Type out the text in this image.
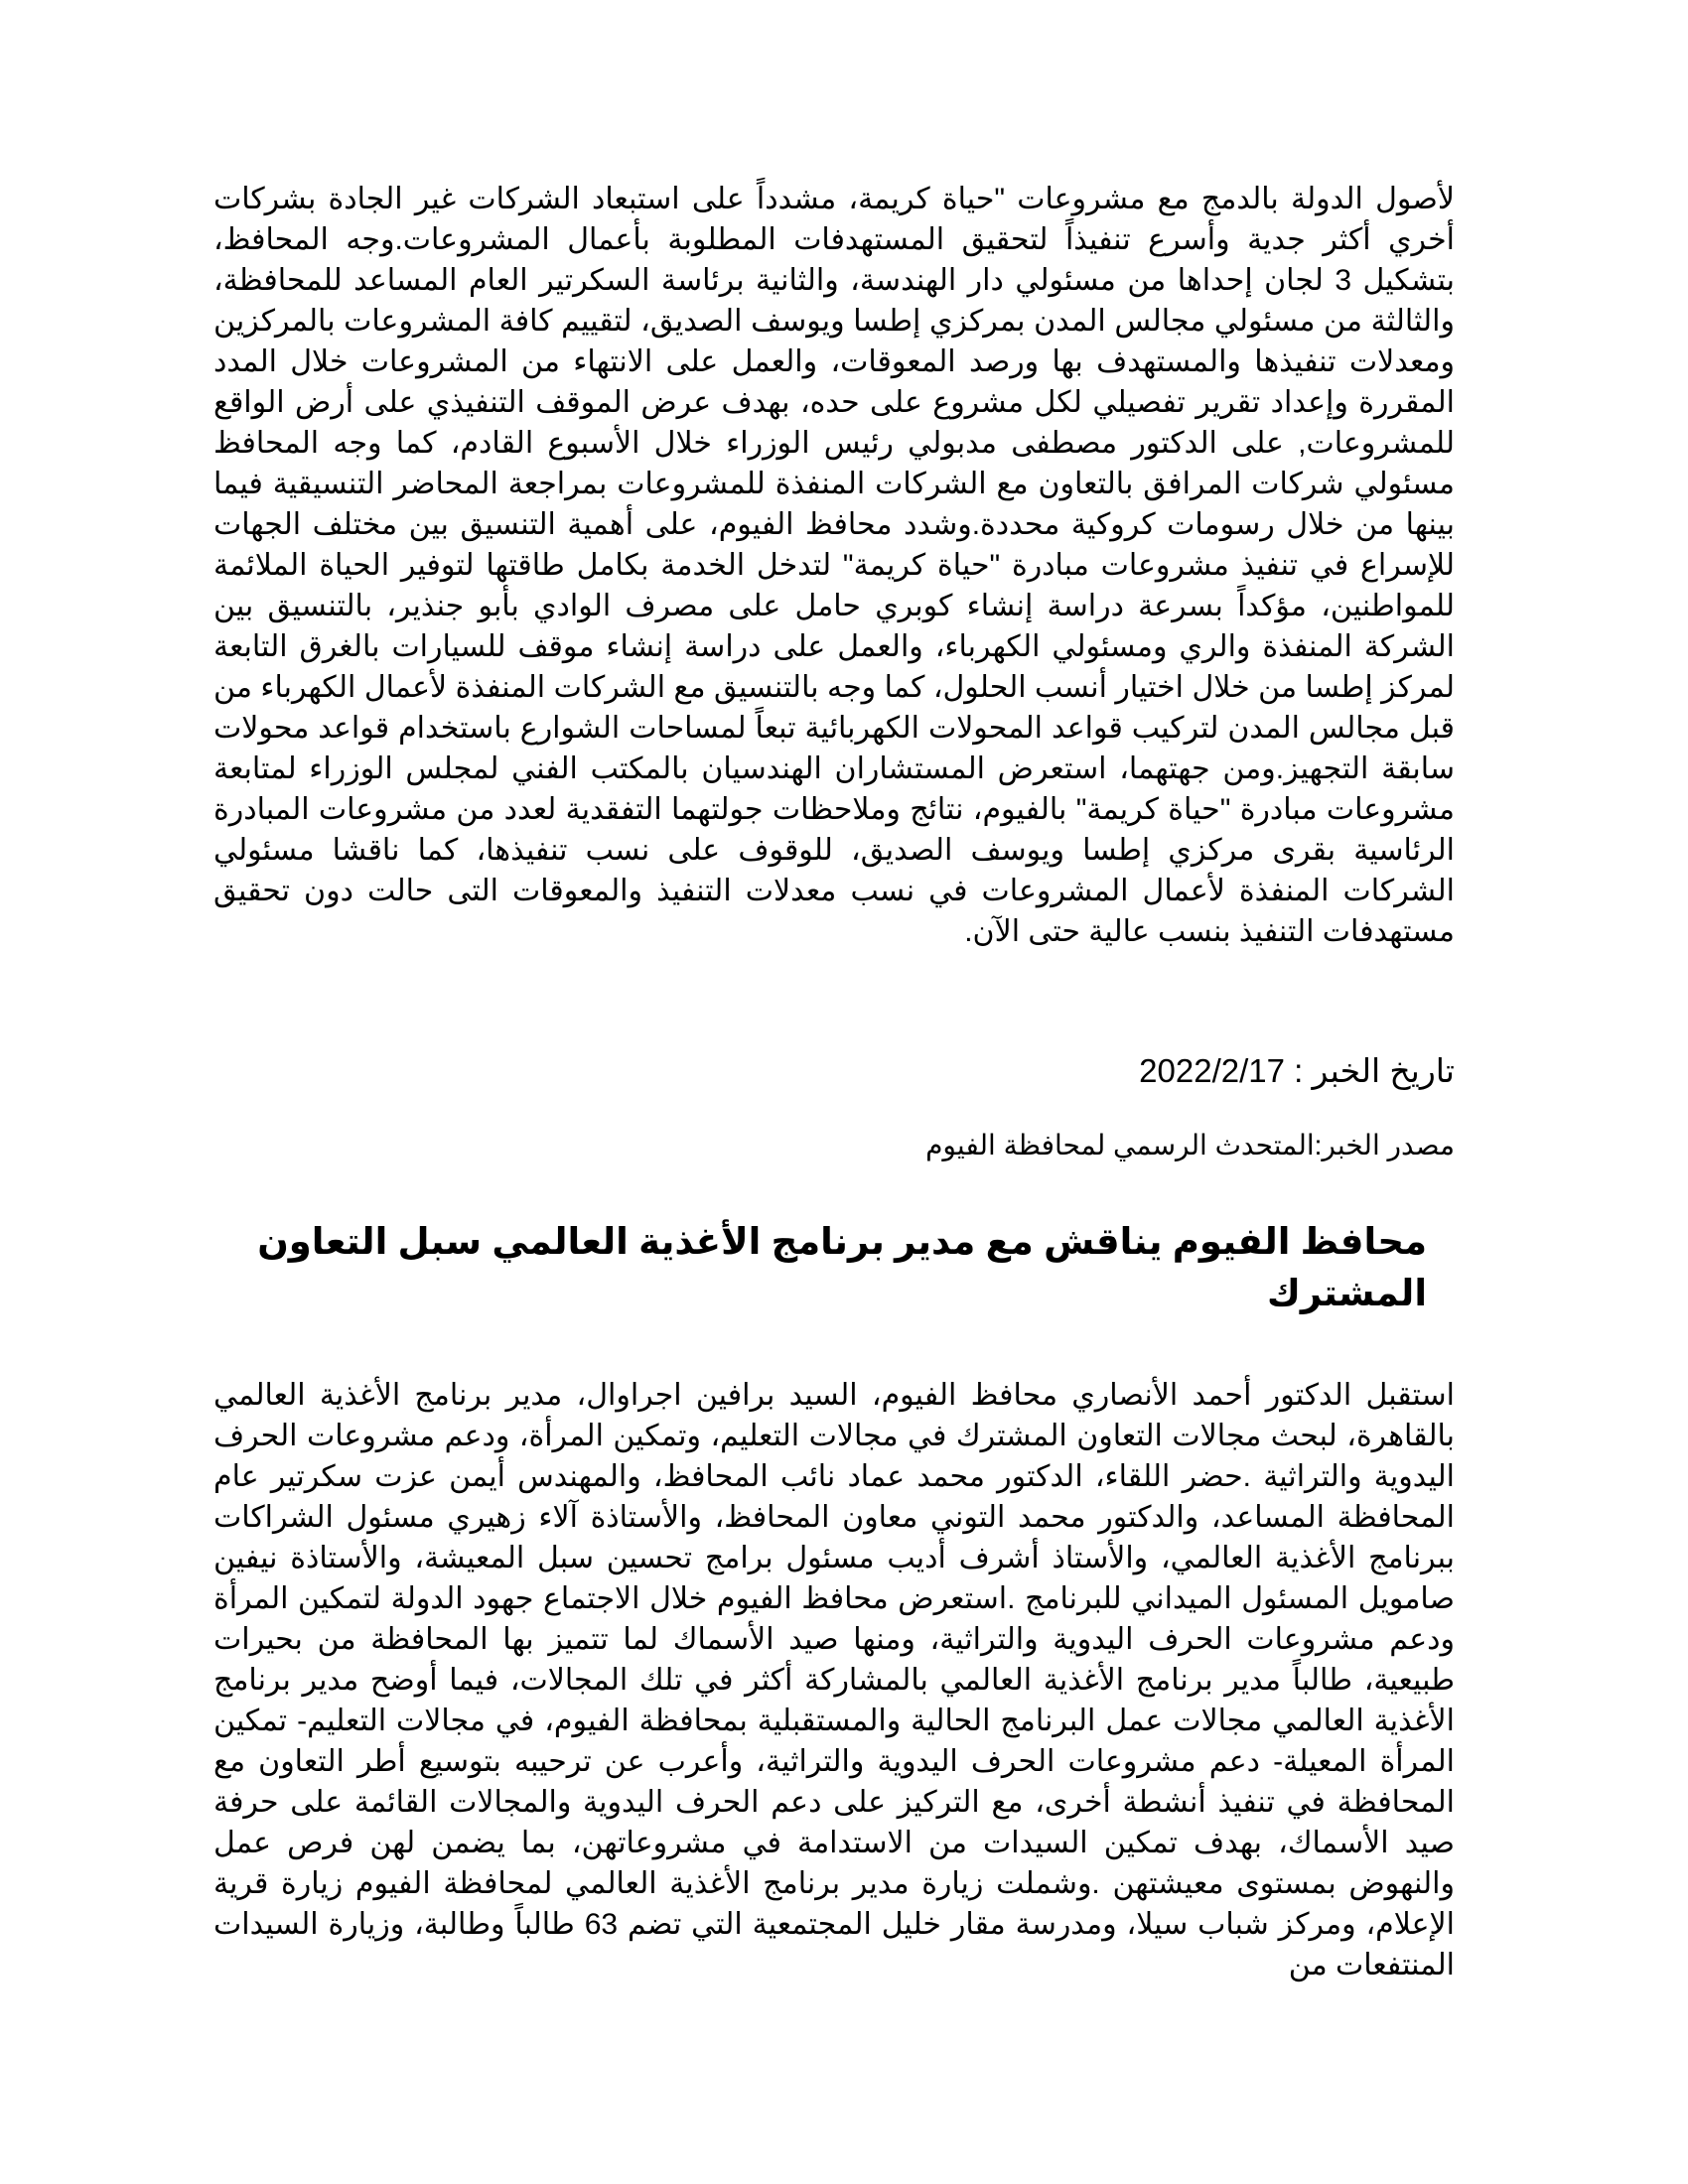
لأصول الدولة بالدمج مع مشروعات "حياة كريمة، مشدداً على استبعاد الشركات غير الجادة بشركات أخري أكثر جدية وأسرع تنفيذاً لتحقيق المستهدفات المطلوبة بأعمال المشروعات.وجه المحافظ، بتشكيل 3 لجان إحداها من مسئولي دار الهندسة، والثانية برئاسة السكرتير العام المساعد للمحافظة، والثالثة من مسئولي مجالس المدن بمركزي إطسا ويوسف الصديق، لتقييم كافة المشروعات بالمركزين ومعدلات تنفيذها والمستهدف بها ورصد المعوقات، والعمل على الانتهاء من المشروعات خلال المدد المقررة وإعداد تقرير تفصيلي لكل مشروع على حده، بهدف عرض الموقف التنفيذي على أرض الواقع للمشروعات, على الدكتور مصطفى مدبولي رئيس الوزراء خلال الأسبوع القادم، كما وجه المحافظ مسئولي شركات المرافق بالتعاون مع الشركات المنفذة للمشروعات بمراجعة المحاضر التنسيقية فيما بينها من خلال رسومات كروكية محددة.وشدد محافظ الفيوم، على أهمية التنسيق بين مختلف الجهات للإسراع في تنفيذ مشروعات مبادرة "حياة كريمة" لتدخل الخدمة بكامل طاقتها لتوفير الحياة الملائمة للمواطنين، مؤكداً بسرعة دراسة إنشاء كوبري حامل على مصرف الوادي بأبو جنذير، بالتنسيق بين الشركة المنفذة والري ومسئولي الكهرباء، والعمل على دراسة إنشاء موقف للسيارات بالغرق التابعة لمركز إطسا من خلال اختيار أنسب الحلول، كما وجه بالتنسيق مع الشركات المنفذة لأعمال الكهرباء من قبل مجالس المدن لتركيب قواعد المحولات الكهربائية تبعاً لمساحات الشوارع باستخدام قواعد محولات سابقة التجهيز.ومن جهتهما، استعرض المستشاران الهندسيان بالمكتب الفني لمجلس الوزراء لمتابعة مشروعات مبادرة "حياة كريمة" بالفيوم، نتائج وملاحظات جولتهما التفقدية لعدد من مشروعات المبادرة الرئاسية بقرى مركزي إطسا ويوسف الصديق، للوقوف على نسب تنفيذها، كما ناقشا مسئولي الشركات المنفذة لأعمال المشروعات في نسب معدلات التنفيذ والمعوقات التى حالت دون تحقيق مستهدفات التنفيذ بنسب عالية حتى الآن.

تاريخ الخبر : 2022/2/17

مصدر الخبر:المتحدث الرسمي لمحافظة الفيوم

محافظ الفيوم يناقش مع مدير برنامج الأغذية العالمي سبل التعاون المشترك

استقبل الدكتور أحمد الأنصاري محافظ الفيوم، السيد برافين اجراوال، مدير برنامج الأغذية العالمي بالقاهرة، لبحث مجالات التعاون المشترك في مجالات التعليم، وتمكين المرأة، ودعم مشروعات الحرف اليدوية والتراثية .حضر اللقاء، الدكتور محمد عماد نائب المحافظ، والمهندس أيمن عزت سكرتير عام المحافظة المساعد، والدكتور محمد التوني معاون المحافظ، والأستاذة آلاء زهيري مسئول الشراكات ببرنامج الأغذية العالمي، والأستاذ أشرف أديب مسئول برامج تحسين سبل المعيشة، والأستاذة نيفين صامويل المسئول الميداني للبرنامج .استعرض محافظ الفيوم خلال الاجتماع جهود الدولة لتمكين المرأة ودعم مشروعات الحرف اليدوية والتراثية، ومنها صيد الأسماك لما تتميز بها المحافظة من بحيرات طبيعية، طالباً مدير برنامج الأغذية العالمي بالمشاركة أكثر في تلك المجالات، فيما أوضح مدير برنامج الأغذية العالمي مجالات عمل البرنامج الحالية والمستقبلية بمحافظة الفيوم، في مجالات التعليم- تمكين المرأة المعيلة- دعم مشروعات الحرف اليدوية والتراثية، وأعرب عن ترحيبه بتوسيع أطر التعاون مع المحافظة في تنفيذ أنشطة أخرى، مع التركيز على دعم الحرف اليدوية والمجالات القائمة على حرفة صيد الأسماك، بهدف تمكين السيدات من الاستدامة في مشروعاتهن، بما يضمن لهن فرص عمل والنهوض بمستوى معيشتهن .وشملت زيارة مدير برنامج الأغذية العالمي لمحافظة الفيوم زيارة قرية الإعلام، ومركز شباب سيلا، ومدرسة مقار خليل المجتمعية التي تضم 63 طالباً وطالبة، وزيارة السيدات المنتفعات من
